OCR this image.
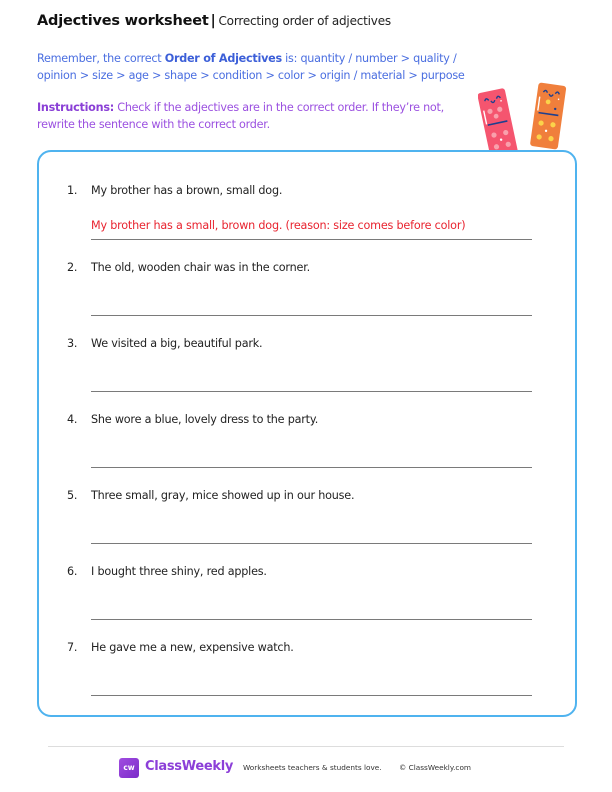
Adjectives worksheet | Correcting order of adjectives
Remember, the correct Order of Adjectives is: quantity / number > quality / opinion > size > age > shape > condition > color > origin / material > purpose
Instructions: Check if the adjectives are in the correct order. If they’re not, rewrite the sentence with the correct order.
1.	My brother has a brown, small dog.
My brother has a small, brown dog. (reason: size comes before color)
2.	The old, wooden chair was in the corner.
3.	We visited a big, beautiful park.
4.	She wore a blue, lovely dress to the party.
5.	Three small, gray, mice showed up in our house.
6.	I bought three shiny, red apples.
7.	He gave me a new, expensive watch.
cw ClassWeekly Worksheets teachers & students love. © ClassWeekly.com
